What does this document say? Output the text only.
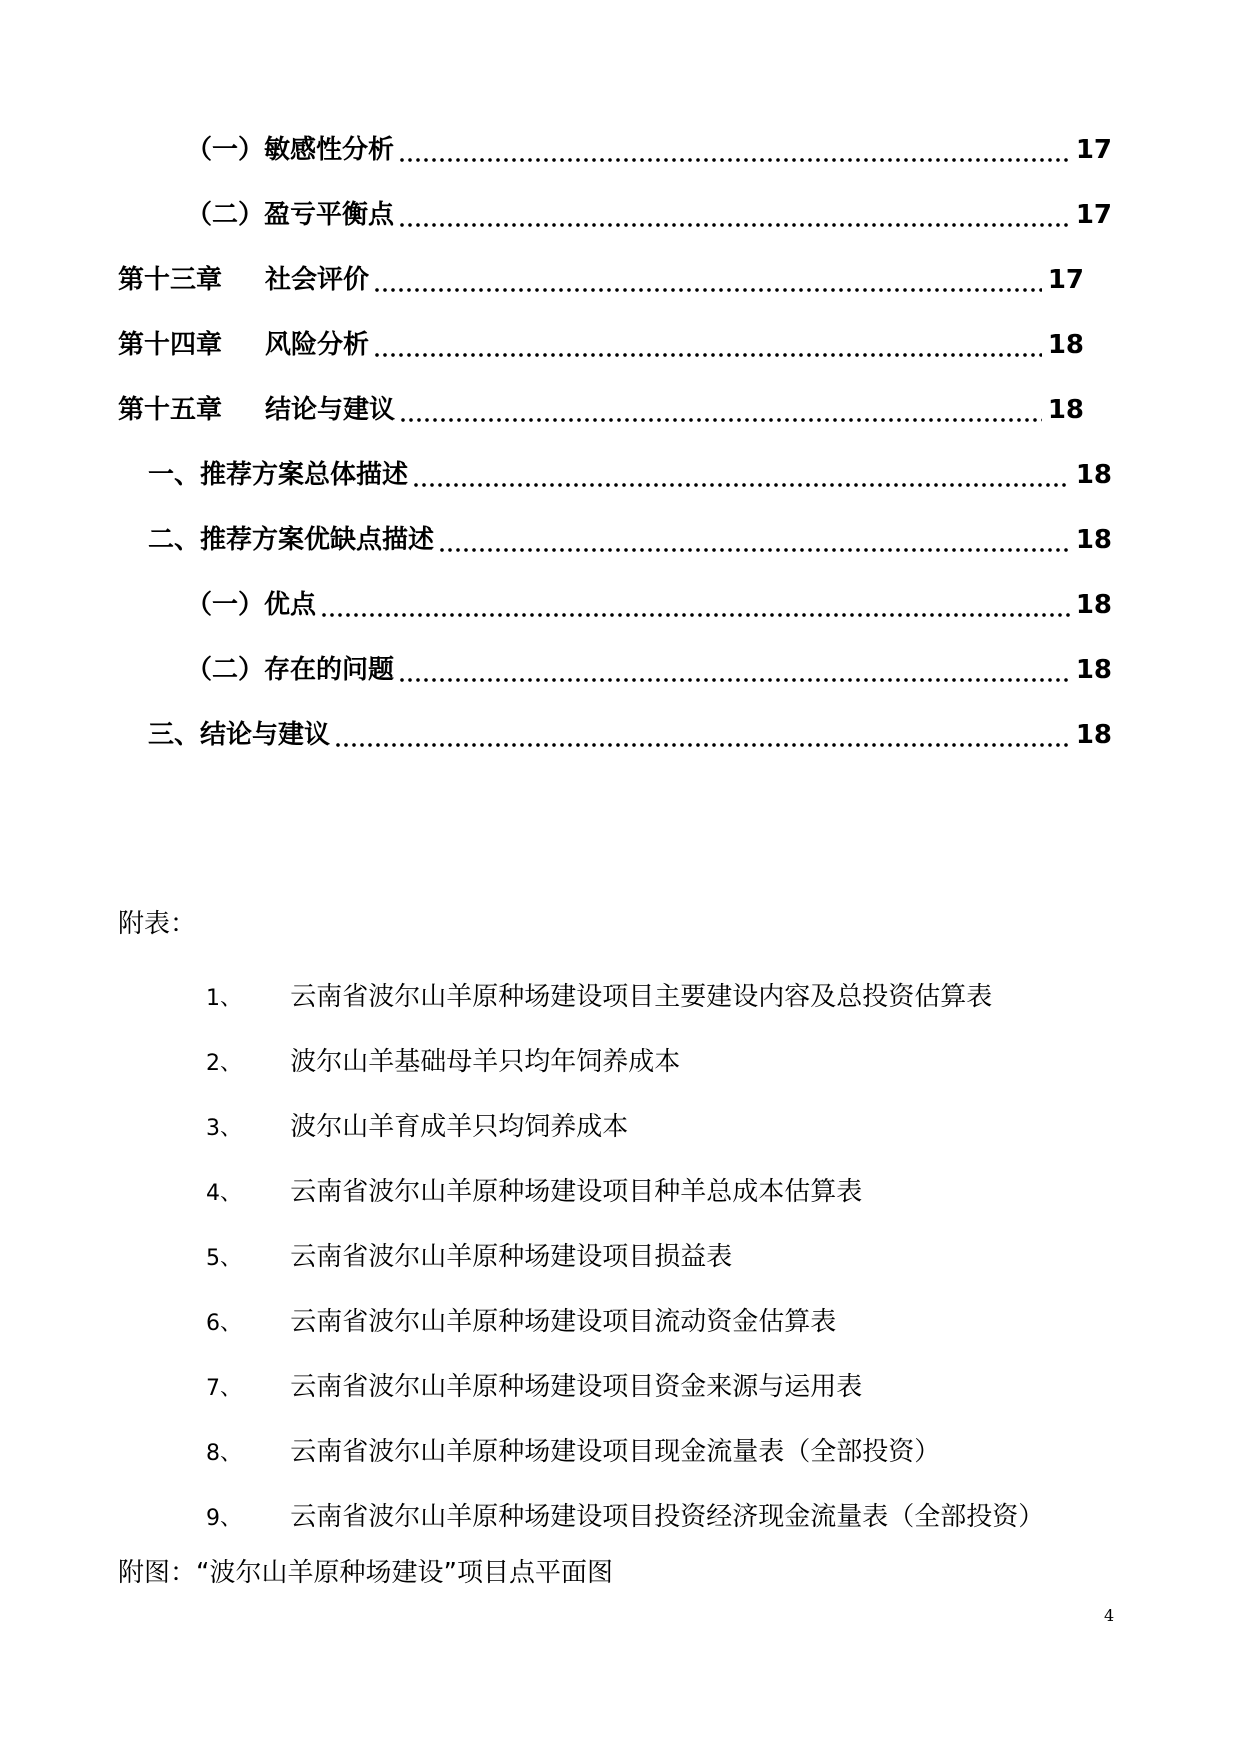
（一）敏感性分析	17
（二）盈亏平衡点	17
第十三章	社会评价	17
第十四章	风险分析	18
第十五章	结论与建议	18
一、推荐方案总体描述	18
二、推荐方案优缺点描述	18
（一）优点	18
（二）存在的问题	18
三、结论与建议	18
附表：
1、 云南省波尔山羊原种场建设项目主要建设内容及总投资估算表
2、 波尔山羊基础母羊只均年饲养成本
3、 波尔山羊育成羊只均饲养成本
4、 云南省波尔山羊原种场建设项目种羊总成本估算表
5、 云南省波尔山羊原种场建设项目损益表
6、 云南省波尔山羊原种场建设项目流动资金估算表
7、 云南省波尔山羊原种场建设项目资金来源与运用表
8、 云南省波尔山羊原种场建设项目现金流量表（全部投资）
9、 云南省波尔山羊原种场建设项目投资经济现金流量表（全部投资）
附图：“波尔山羊原种场建设”项目点平面图
4
